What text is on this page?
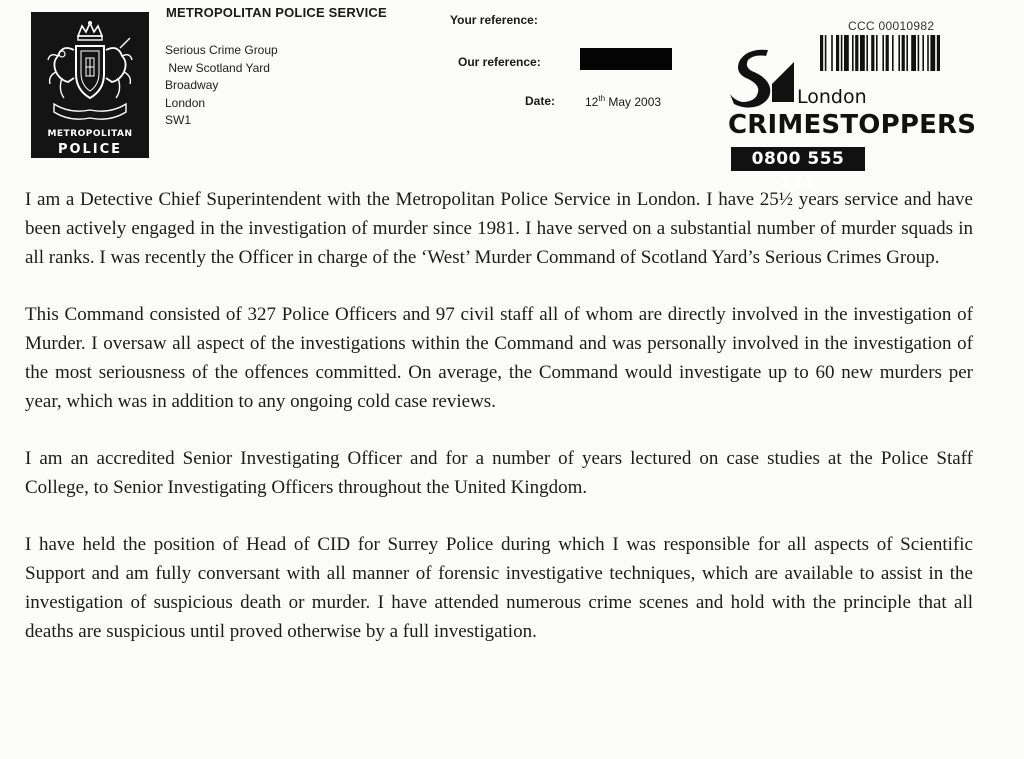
METROPOLITAN
POLICE
METROPOLITAN POLICE SERVICE
Serious Crime Group
New Scotland Yard
Broadway
London
SW1
Your reference:
Our reference:
Date: 12th May 2003
CCC 00010982
London
CRIMESTOPPERS
0800 555 111

I am a Detective Chief Superintendent with the Metropolitan Police Service in London. I have 25½ years service and have been actively engaged in the investigation of murder since 1981. I have served on a substantial number of murder squads in all ranks. I was recently the Officer in charge of the ‘West’ Murder Command of Scotland Yard’s Serious Crimes Group.

This Command consisted of 327 Police Officers and 97 civil staff all of whom are directly involved in the investigation of Murder. I oversaw all aspect of the investigations within the Command and was personally involved in the investigation of the most seriousness of the offences committed. On average, the Command would investigate up to 60 new murders per year, which was in addition to any ongoing cold case reviews.

I am an accredited Senior Investigating Officer and for a number of years lectured on case studies at the Police Staff College, to Senior Investigating Officers throughout the United Kingdom.

I have held the position of Head of CID for Surrey Police during which I was responsible for all aspects of Scientific Support and am fully conversant with all manner of forensic investigative techniques, which are available to assist in the investigation of suspicious death or murder. I have attended numerous crime scenes and hold with the principle that all deaths are suspicious until proved otherwise by a full investigation.
